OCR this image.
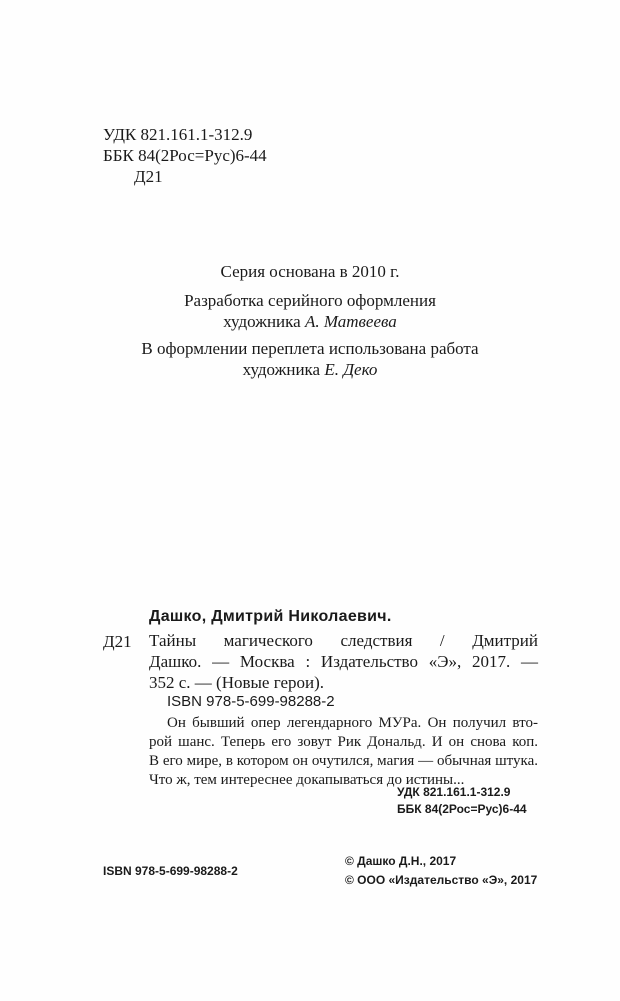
УДК 821.161.1-312.9
ББК 84(2Рос=Рус)6-44
Д21
Серия основана в 2010 г.
Разработка серийного оформления
художника А. Матвеева
В оформлении переплета использована работа
художника Е. Деко
Дашко, Дмитрий Николаевич.
Д21 Тайны магического следствия / Дмитрий
Дашко. — Москва : Издательство «Э», 2017. —
352 с. — (Новые герои).
ISBN 978-5-699-98288-2
Он бывший опер легендарного МУРа. Он получил вто-
рой шанс. Теперь его зовут Рик Дональд. И он снова коп.
В его мире, в котором он очутился, магия — обычная штука.
Что ж, тем интереснее докапываться до истины...
УДК 821.161.1-312.9
ББК 84(2Рос=Рус)6-44
ISBN 978-5-699-98288-2
© Дашко Д.Н., 2017
© ООО «Издательство «Э», 2017
